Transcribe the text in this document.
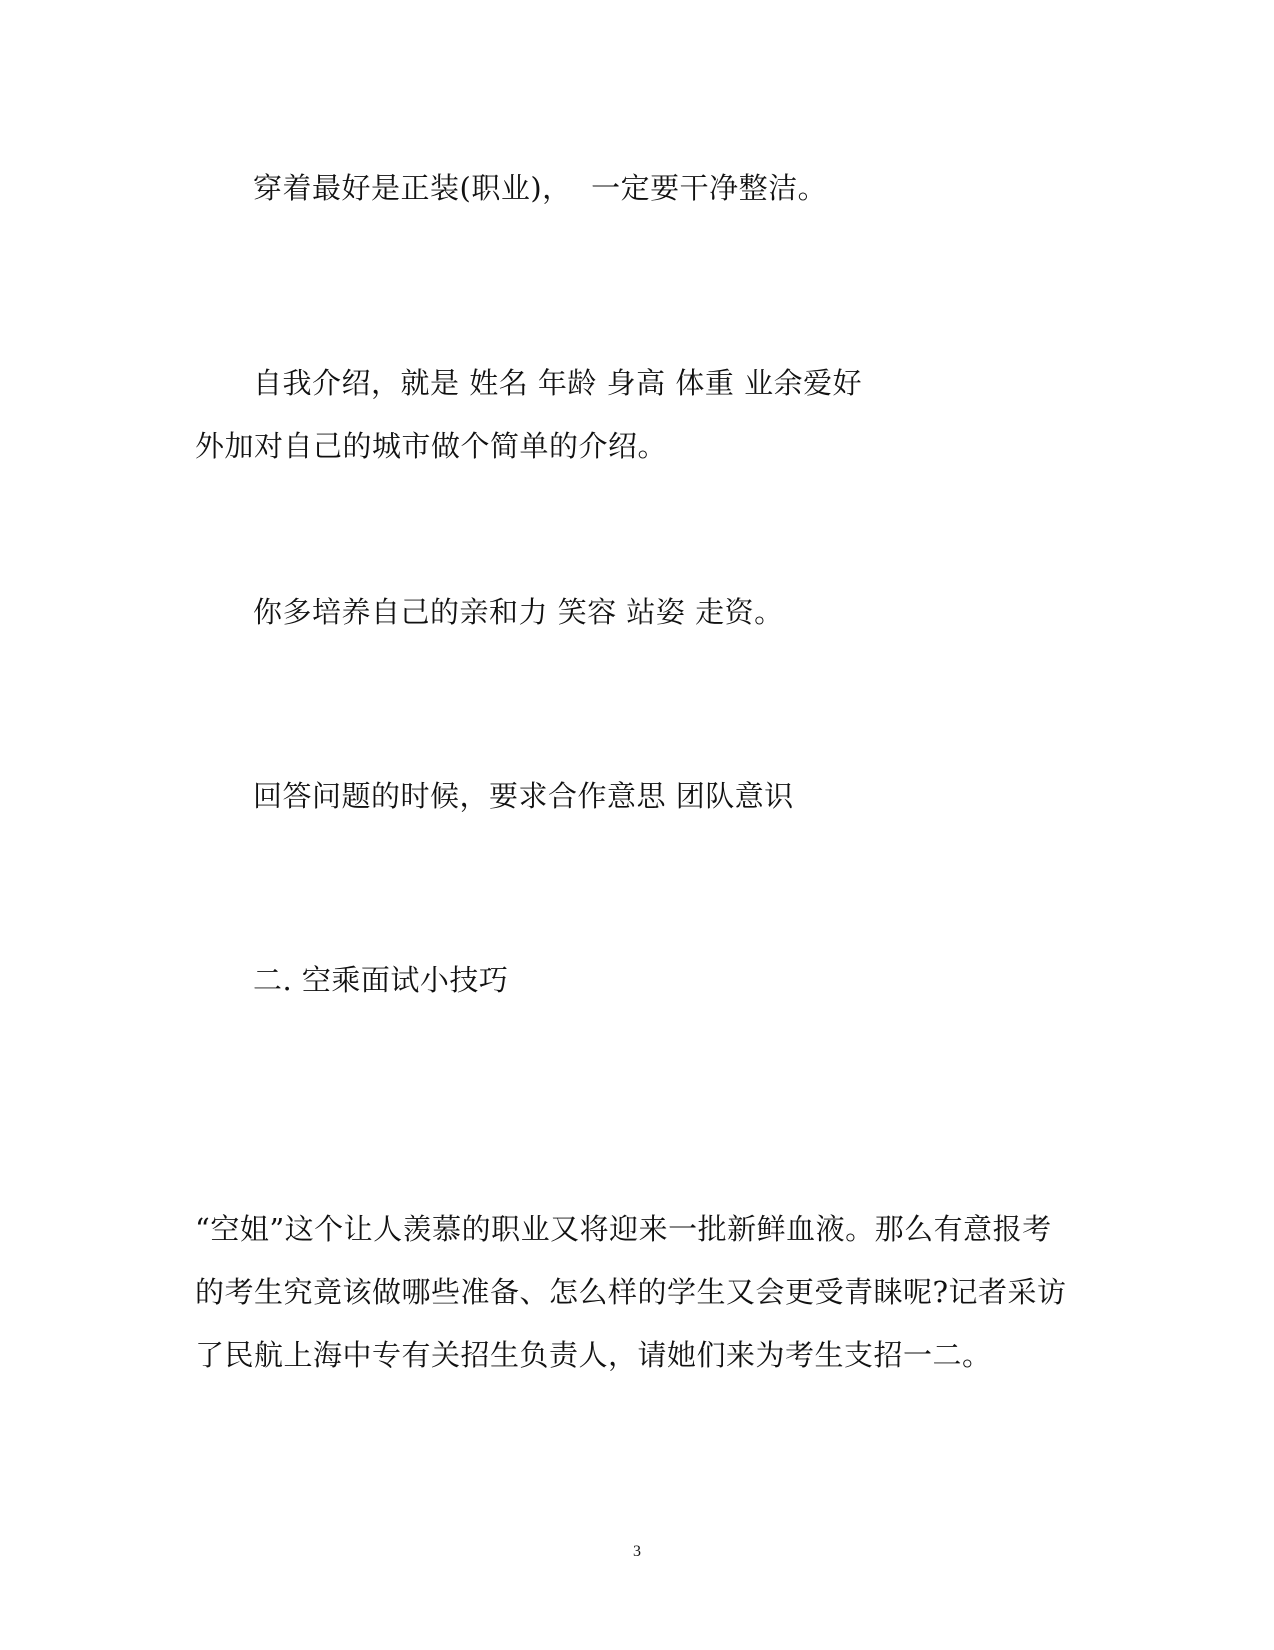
穿着最好是正装(职业)，  一定要干净整洁。
自我介绍，就是 姓名 年龄 身高 体重 业余爱好
外加对自己的城市做个简单的介绍。
你多培养自己的亲和力 笑容 站姿 走资。
回答问题的时候，要求合作意思 团队意识
二. 空乘面试小技巧
“空姐”这个让人羡慕的职业又将迎来一批新鲜血液。那么有意报考
的考生究竟该做哪些准备、怎么样的学生又会更受青睐呢?记者采访
了民航上海中专有关招生负责人，请她们来为考生支招一二。
3
